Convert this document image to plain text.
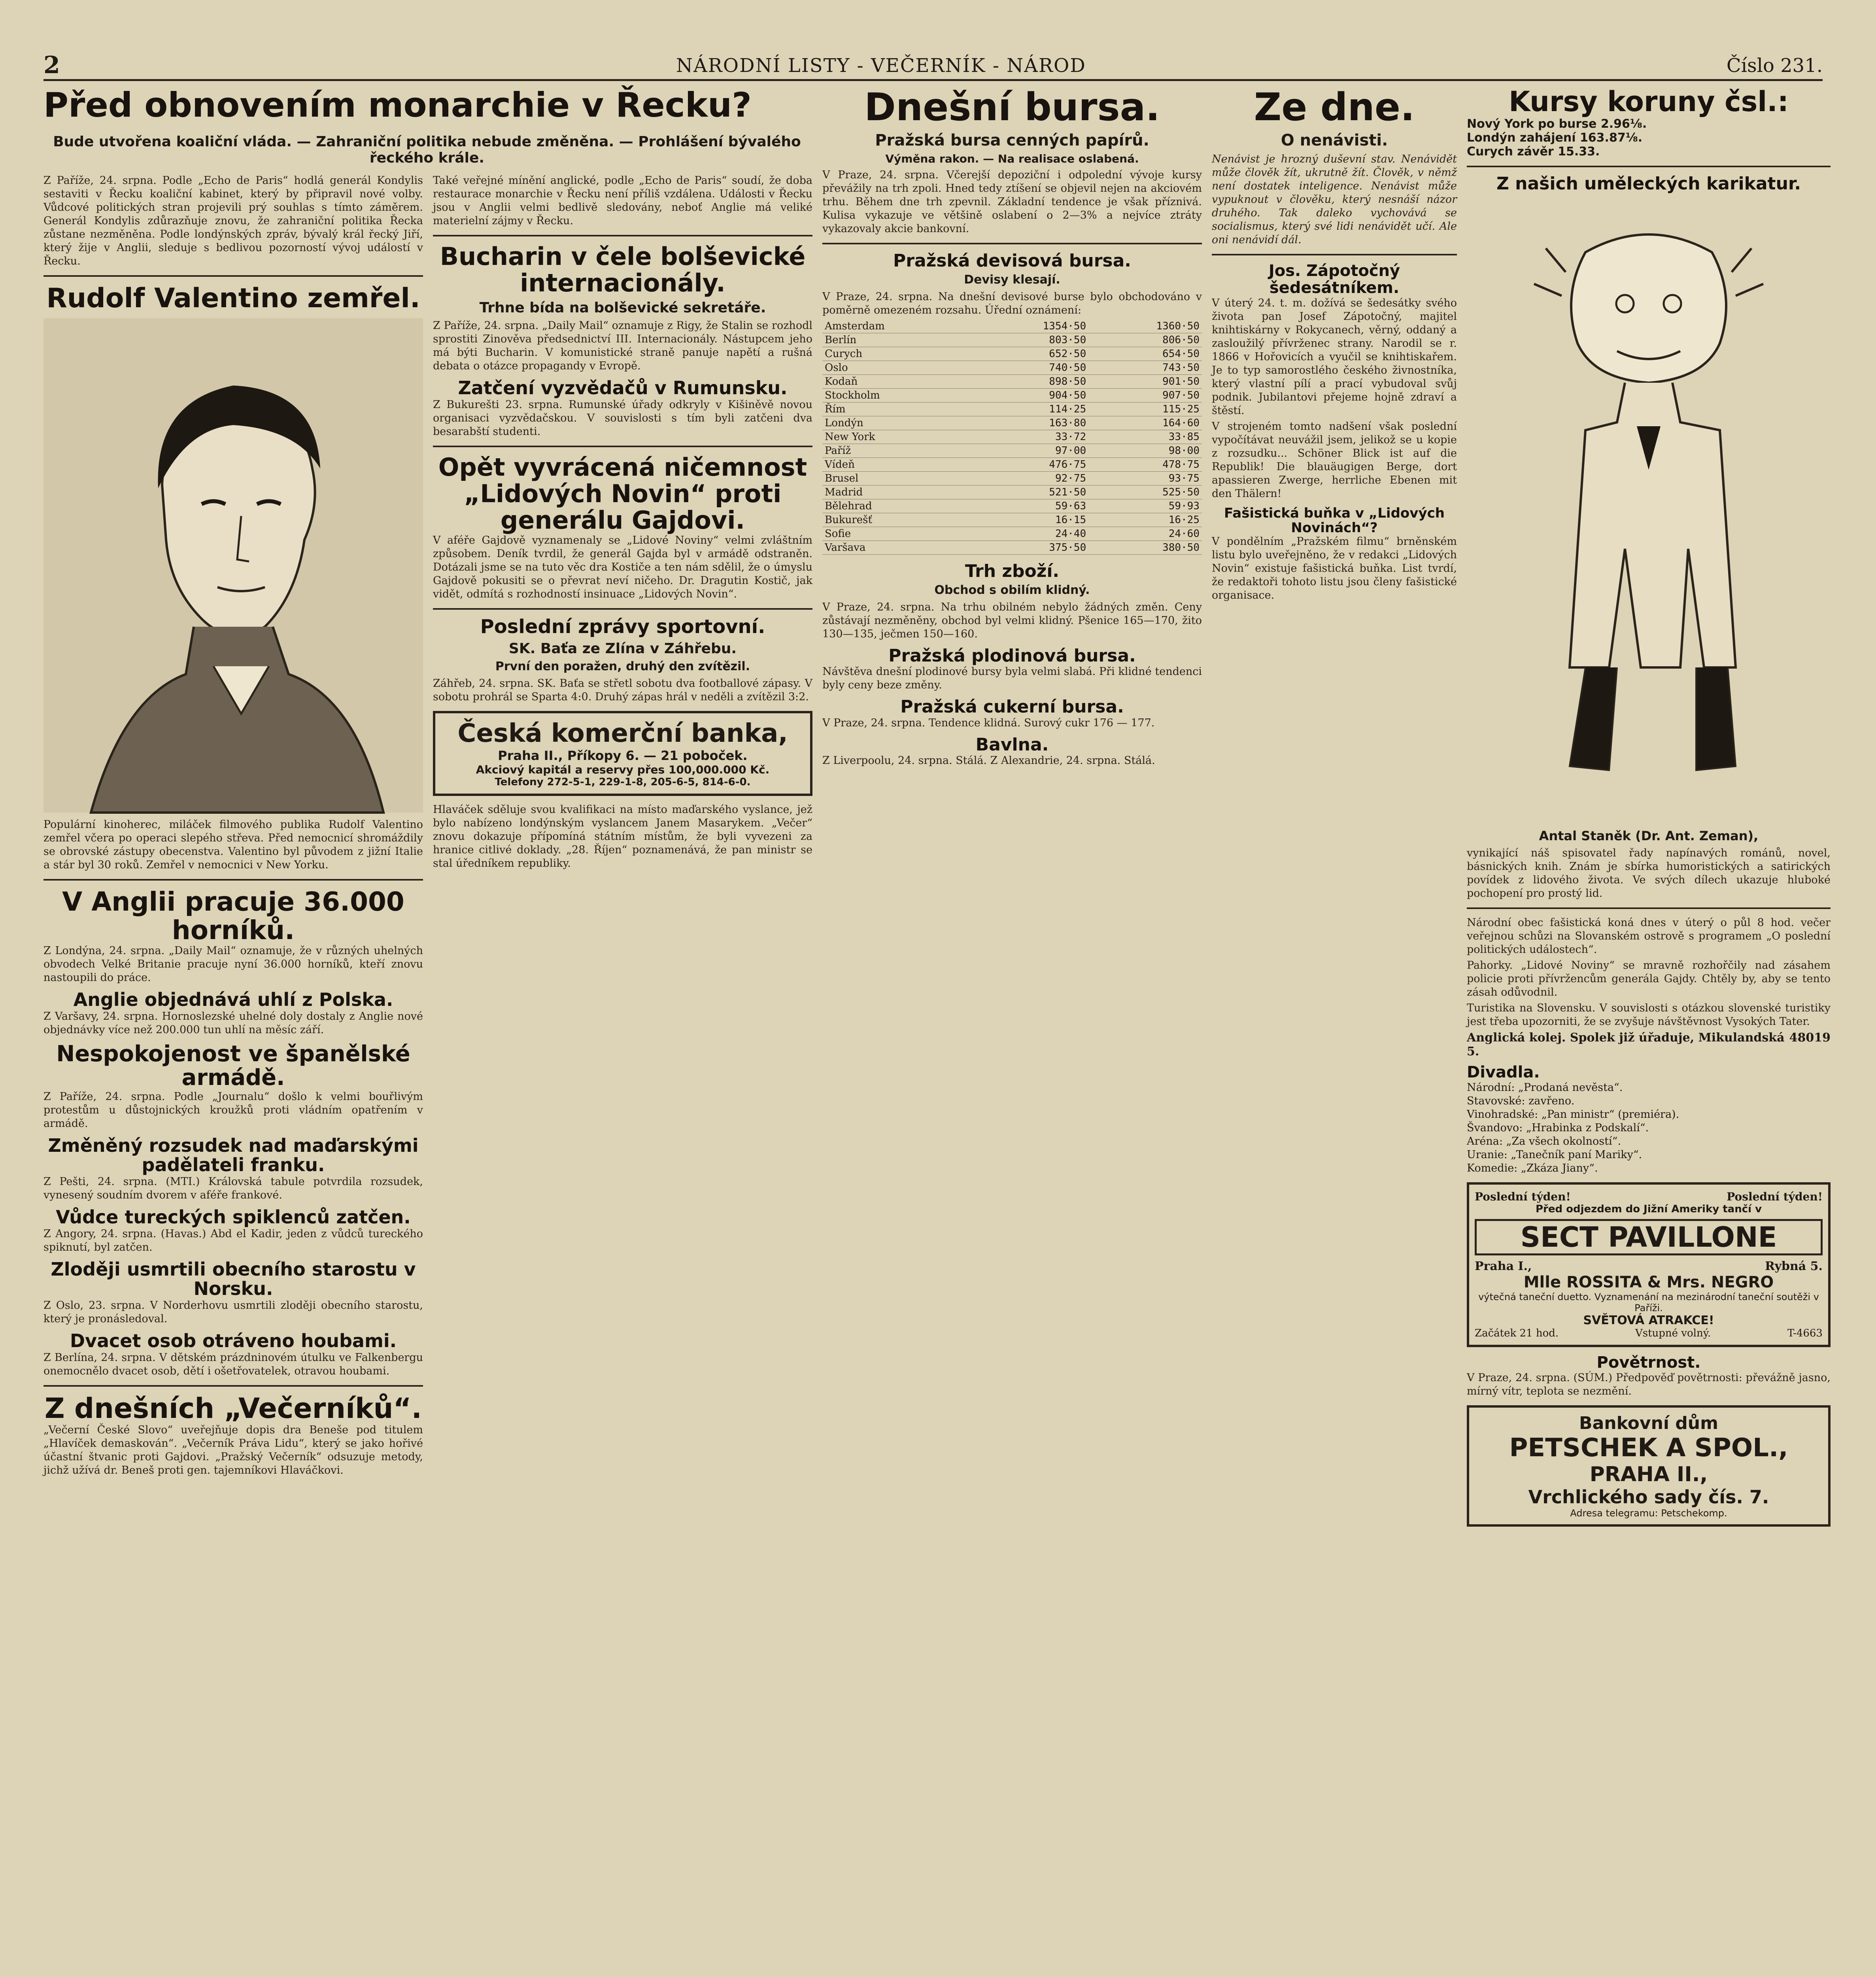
2	NÁRODNÍ LISTY - VEČERNÍK - NÁROD	Číslo 231.
Před obnovením monarchie v Řecku?
Bude utvořena koaliční vláda. — Zahraniční politika nebude změněna. — Prohlášení bývalého řeckého krále.

Z Paříže, 24. srpna. Podle „Echo de Paris“ hodlá generál Kondylis sestaviti v Řecku koaliční kabinet, který by připravil nové volby. Vůdcové politických stran projevili prý souhlas s tímto záměrem. Generál Kondylis zdůrazňuje znovu, že zahraniční politika Řecka zůstane nezměněna. Podle londýnských zpráv, bývalý král řecký Jiří, který žije v Anglii, sleduje s bedlivou pozorností vývoj událostí v Řecku.

Rudolf Valentino zemřel.

Populární kinoherec, miláček filmového publika Rudolf Valentino zemřel včera po operaci slepého střeva. Před nemocnicí shromáždily se obrovské zástupy obecenstva. Valentino byl původem z jižní Italie a stár byl 30 roků. Zemřel v nemocnici v New Yorku.

V Anglii pracuje 36.000 horníků.

Z Londýna, 24. srpna. „Daily Mail“ oznamuje, že v různých uhelných obvodech Velké Britanie pracuje nyní 36.000 horníků, kteří znovu nastoupili do práce.

Anglie objednává uhlí z Polska.

Z Varšavy, 24. srpna. Hornoslezské uhelné doly dostaly z Anglie nové objednávky více než 200.000 tun uhlí na měsíc září.

Nespokojenost ve španělské armádě.

Z Paříže, 24. srpna. Podle „Journalu“ došlo k velmi bouřlivým protestům u důstojnických kroužků proti vládním opatřením v armádě.

Změněný rozsudek nad maďarskými padělateli franku.

Z Pešti, 24. srpna. (MTI.) Královská tabule potvrdila rozsudek, vynesený soudním dvorem v aféře frankové.

Vůdce tureckých spiklenců zatčen.

Z Angory, 24. srpna. (Havas.) Abd el Kadir, jeden z vůdců tureckého spiknutí, byl zatčen.

Zloději usmrtili obecního starostu v Norsku.

Z Oslo, 23. srpna. V Norderhovu usmrtili zloději obecního starostu, který je pronásledoval.

Dvacet osob otráveno houbami.

Z Berlína, 24. srpna. V dětském prázdninovém útulku ve Falkenbergu onemocnělo dvacet osob, dětí i ošetřovatelek, otravou houbami.

Z dnešních „Večerníků“.

„Večerní České Slovo“ uveřejňuje dopis dra Beneše pod titulem „Hlavíček demaskován“. „Večerník Práva Lidu“, který se jako hořivé účastní štvanic proti Gajdovi. „Pražský Večerník“ odsuzuje metody, jichž užívá dr. Beneš proti gen. tajemníkovi Hlaváčkovi.

Také veřejné mínění anglické, podle „Echo de Paris“ soudí, že doba restaurace monarchie v Řecku není příliš vzdálena. Události v Řecku jsou v Anglii velmi bedlivě sledovány, neboť Anglie má veliké materielní zájmy v Řecku.

Bucharin v čele bolševické internacionály.
Trhne bída na bolševické sekretáře.

Z Paříže, 24. srpna. „Daily Mail“ oznamuje z Rigy, že Stalin se rozhodl sprostiti Zinověva předsednictví III. Internacionály. Nástupcem jeho má býti Bucharin. V komunistické straně panuje napětí a rušná debata o otázce propagandy v Evropě.

Zatčení vyzvědačů v Rumunsku.

Z Bukurešti 23. srpna. Rumunské úřady odkryly v Kišiněvě novou organisaci vyzvědačskou. V souvislosti s tím byli zatčeni dva besarabští studenti.

Opět vyvrácená ničemnost „Lidových Novin“ proti generálu Gajdovi.

V aféře Gajdově vyznamenaly se „Lidové Noviny“ velmi zvláštním způsobem. Deník tvrdil, že generál Gajda byl v armádě odstraněn. Dotázali jsme se na tuto věc dra Kostiče a ten nám sdělil, že o úmyslu Gajdově pokusiti se o převrat neví ničeho. Dr. Dragutin Kostič, jak vidět, odmítá s rozhodností insinuace „Lidových Novin“.

Poslední zprávy sportovní.
SK. Baťa ze Zlína v Záhřebu.
První den poražen, druhý den zvítězil.

Záhřeb, 24. srpna. SK. Baťa se střetl sobotu dva footballové zápasy. V sobotu prohrál se Sparta 4:0. Druhý zápas hrál v neděli a zvítězil 3:2.

Česká komerční banka,
Praha II., Příkopy 6. — 21 poboček.
Akciový kapitál a reservy přes 100,000.000 Kč.
Telefony 272-5-1, 229-1-8, 205-6-5, 814-6-0.

Hlaváček sděluje svou kvalifikaci na místo maďarského vyslance, jež bylo nabízeno londýnským vyslancem Janem Masarykem. „Večer“ znovu dokazuje přípomíná státním místům, že byli vyvezeni za hranice citlivé doklady. „28. Říjen“ poznamenává, že pan ministr se stal úředníkem republiky.

Dnešní bursa.
Pražská bursa cenných papírů.
Výměna rakon. — Na realisace oslabená.

V Praze, 24. srpna. Včerejší depoziční i odpolední vývoje kursy převážily na trh zpoli. Hned tedy ztíšení se objevil nejen na akciovém trhu. Během dne trh zpevnil. Základní tendence je však příznivá. Kulisa vykazuje ve většině oslabení o 2—3% a nejvíce ztráty vykazovaly akcie bankovní.

Pražská devisová bursa.
Devisy klesají.

V Praze, 24. srpna. Na dnešní devisové burse bylo obchodováno v poměrně omezeném rozsahu. Úřední oznámení:

Amsterdam	1354·50	1360·50
Berlín	803·50	806·50
Curych	652·50	654·50
Oslo	740·50	743·50
Kodaň	898·50	901·50
Stockholm	904·50	907·50
Řím	114·25	115·25
Londýn	163·80	164·60
New York	33·72	33·85
Paříž	97·00	98·00
Vídeň	476·75	478·75
Brusel	92·75	93·75
Madrid	521·50	525·50
Bělehrad	59·63	59·93
Bukurešť	16·15	16·25
Sofie	24·40	24·60
Varšava	375·50	380·50
Trh zboží.
Obchod s obilím klidný.

V Praze, 24. srpna. Na trhu obilném nebylo žádných změn. Ceny zůstávají nezměněny, obchod byl velmi klidný. Pšenice 165—170, žito 130—135, ječmen 150—160.

Pražská plodinová bursa.

Návštěva dnešní plodinové bursy byla velmi slabá. Při klidné tendenci byly ceny beze změny.

Pražská cukerní bursa.

V Praze, 24. srpna. Tendence klidná. Surový cukr 176 — 177.

Bavlna.

Z Liverpoolu, 24. srpna. Stálá. Z Alexandrie, 24. srpna. Stálá.

Ze dne.
O nenávisti.

Nenávist je hrozný duševní stav. Nenávidět může člověk žít, ukrutně žít. Člověk, v němž není dostatek inteligence. Nenávist může vypuknout v člověku, který nesnáší názor druhého. Tak daleko vychovává se socialismus, který své lidi nenávidět učí. Ale oni nenávidí dál.

Jos. Zápotočný šedesátníkem.

V úterý 24. t. m. dožívá se šedesátky svého života pan Josef Zápotočný, majitel knihtiskárny v Rokycanech, věrný, oddaný a zasloužilý přívrženec strany. Narodil se r. 1866 v Hořovicích a vyučil se knihtiskařem. Je to typ samorostlého českého živnostníka, který vlastní pílí a prací vybudoval svůj podnik. Jubilantovi přejeme hojně zdraví a štěstí.

V strojeném tomto nadšení však poslední vypočítávat neuvážil jsem, jelikož se u kopie z rozsudku... Schöner Blick ist auf die Republik! Die blauäugigen Berge, dort apassieren Zwerge, herrliche Ebenen mit den Thälern!

Fašistická buňka v „Lidových Novinách“?

V pondělním „Pražském filmu“ brněnském listu bylo uveřejněno, že v redakci „Lidových Novin“ existuje fašistická buňka. List tvrdí, že redaktoři tohoto listu jsou členy fašistické organisace.

Kursy koruny čsl.:
Nový York po burse 2.96⅛.
Londýn zahájení 163.87⅛.
Curych závěr 15.33.
Z našich uměleckých karikatur.
Antal Staněk (Dr. Ant. Zeman),

vynikající náš spisovatel řady napínavých románů, novel, básnických knih. Znám je sbírka humoristických a satirických povídek z lidového života. Ve svých dílech ukazuje hluboké pochopení pro prostý lid.

Národní obec fašistická koná dnes v úterý o půl 8 hod. večer veřejnou schůzi na Slovanském ostrově s programem „O poslední politických událostech“.

Pahorky. „Lidové Noviny“ se mravně rozhořčily nad zásahem policie proti přívržencům generála Gajdy. Chtěly by, aby se tento zásah odůvodnil.

Turistika na Slovensku. V souvislosti s otázkou slovenské turistiky jest třeba upozorniti, že se zvyšuje návštěvnost Vysokých Tater.

Anglická kolej. Spolek již úřaduje, Mikulandská 5.
48019
Divadla.
Národní: „Prodaná nevěsta“.
Stavovské: zavřeno.
Vinohradské: „Pan ministr“ (premiéra).
Švandovo: „Hrabinka z Podskalí“.
Aréna: „Za všech okolností“.
Uranie: „Tanečník paní Mariky“.
Komedie: „Zkáza Jiany“.
Poslední týden!	Poslední týden!
Před odjezdem do Jižní Ameriky tančí v
SECT PAVILLONE
Praha I.,	Rybná 5.
Mlle ROSSITA & Mrs. NEGRO
výtečná taneční duetto. Vyznamenání na mezinárodní taneční soutěži v Paříži.
SVĚTOVÁ ATRAKCE!
Začátek 21 hod.	Vstupné volný.	T-4663
Povětrnost.

V Praze, 24. srpna. (SÚM.) Předpověď povětrnosti: převážně jasno, mírný vítr, teplota se nezmění.

Bankovní dům
PETSCHEK A SPOL.,
PRAHA II.,
Vrchlického sady čís. 7.
Adresa telegramu: Petschekomp.
